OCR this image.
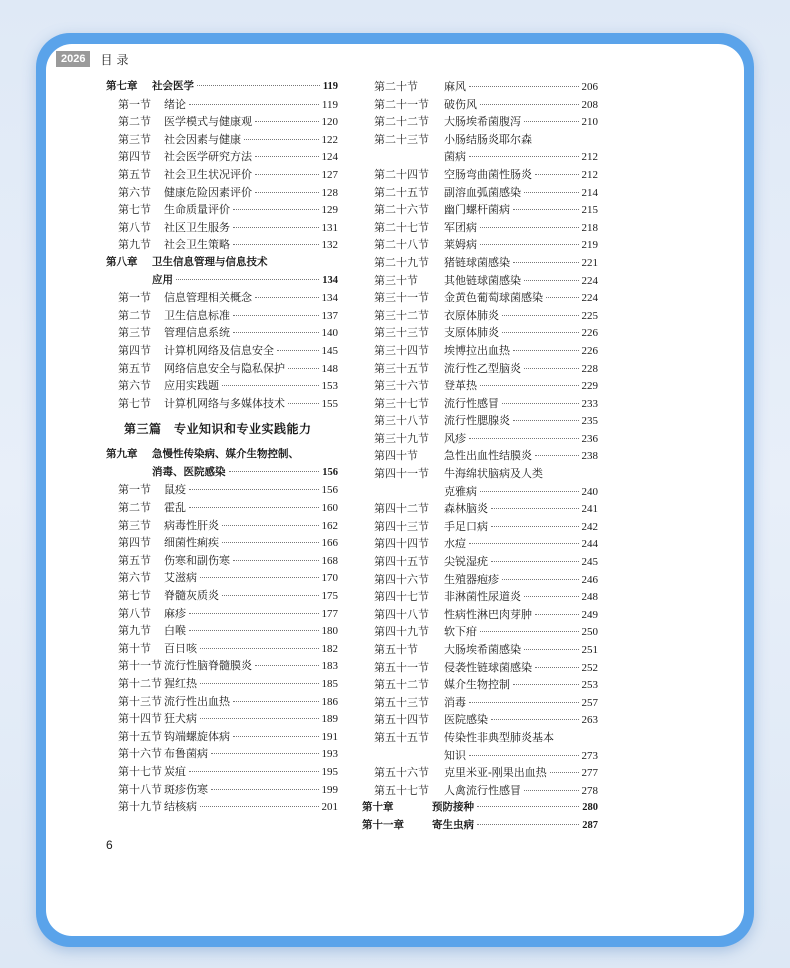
2026	目录
第七章 社会医学	119
第一节 绪论	119
第二节 医学模式与健康观	120
第三节 社会因素与健康	122
第四节 社会医学研究方法	124
第五节 社会卫生状况评价	127
第六节 健康危险因素评价	128
第七节 生命质量评价	129
第八节 社区卫生服务	131
第九节 社会卫生策略	132
第八章 卫生信息管理与信息技术
应用	134
第一节 信息管理相关概念	134
第二节 卫生信息标准	137
第三节 管理信息系统	140
第四节 计算机网络及信息安全	145
第五节 网络信息安全与隐私保护	148
第六节 应用实践题	153
第七节 计算机网络与多媒体技术	155
第三篇　专业知识和专业实践能力
第九章 急慢性传染病、媒介生物控制、
消毒、医院感染	156
第一节 鼠疫	156
第二节 霍乱	160
第三节 病毒性肝炎	162
第四节 细菌性痢疾	166
第五节 伤寒和副伤寒	168
第六节 艾滋病	170
第七节 脊髓灰质炎	175
第八节 麻疹	177
第九节 白喉	180
第十节 百日咳	182
第十一节 流行性脑脊髓膜炎	183
第十二节 猩红热	185
第十三节 流行性出血热	186
第十四节 狂犬病	189
第十五节 钩端螺旋体病	191
第十六节 布鲁菌病	193
第十七节 炭疽	195
第十八节 斑疹伤寒	199
第十九节 结核病	201
第二十节 麻风	206
第二十一节 破伤风	208
第二十二节 大肠埃希菌腹泻	210
第二十三节 小肠结肠炎耶尔森
菌病	212
第二十四节 空肠弯曲菌性肠炎	212
第二十五节 副溶血弧菌感染	214
第二十六节 幽门螺杆菌病	215
第二十七节 军团病	218
第二十八节 莱姆病	219
第二十九节 猪链球菌感染	221
第三十节 其他链球菌感染	224
第三十一节 金黄色葡萄球菌感染	224
第三十二节 衣原体肺炎	225
第三十三节 支原体肺炎	226
第三十四节 埃博拉出血热	226
第三十五节 流行性乙型脑炎	228
第三十六节 登革热	229
第三十七节 流行性感冒	233
第三十八节 流行性腮腺炎	235
第三十九节 风疹	236
第四十节 急性出血性结膜炎	238
第四十一节 牛海绵状脑病及人类
克雅病	240
第四十二节 森林脑炎	241
第四十三节 手足口病	242
第四十四节 水痘	244
第四十五节 尖锐湿疣	245
第四十六节 生殖器疱疹	246
第四十七节 非淋菌性尿道炎	248
第四十八节 性病性淋巴肉芽肿	249
第四十九节 软下疳	250
第五十节 大肠埃希菌感染	251
第五十一节 侵袭性链球菌感染	252
第五十二节 媒介生物控制	253
第五十三节 消毒	257
第五十四节 医院感染	263
第五十五节 传染性非典型肺炎基本
知识	273
第五十六节 克里米亚-刚果出血热	277
第五十七节 人禽流行性感冒	278
第十章	预防接种	280
第十一章	寄生虫病	287
6
